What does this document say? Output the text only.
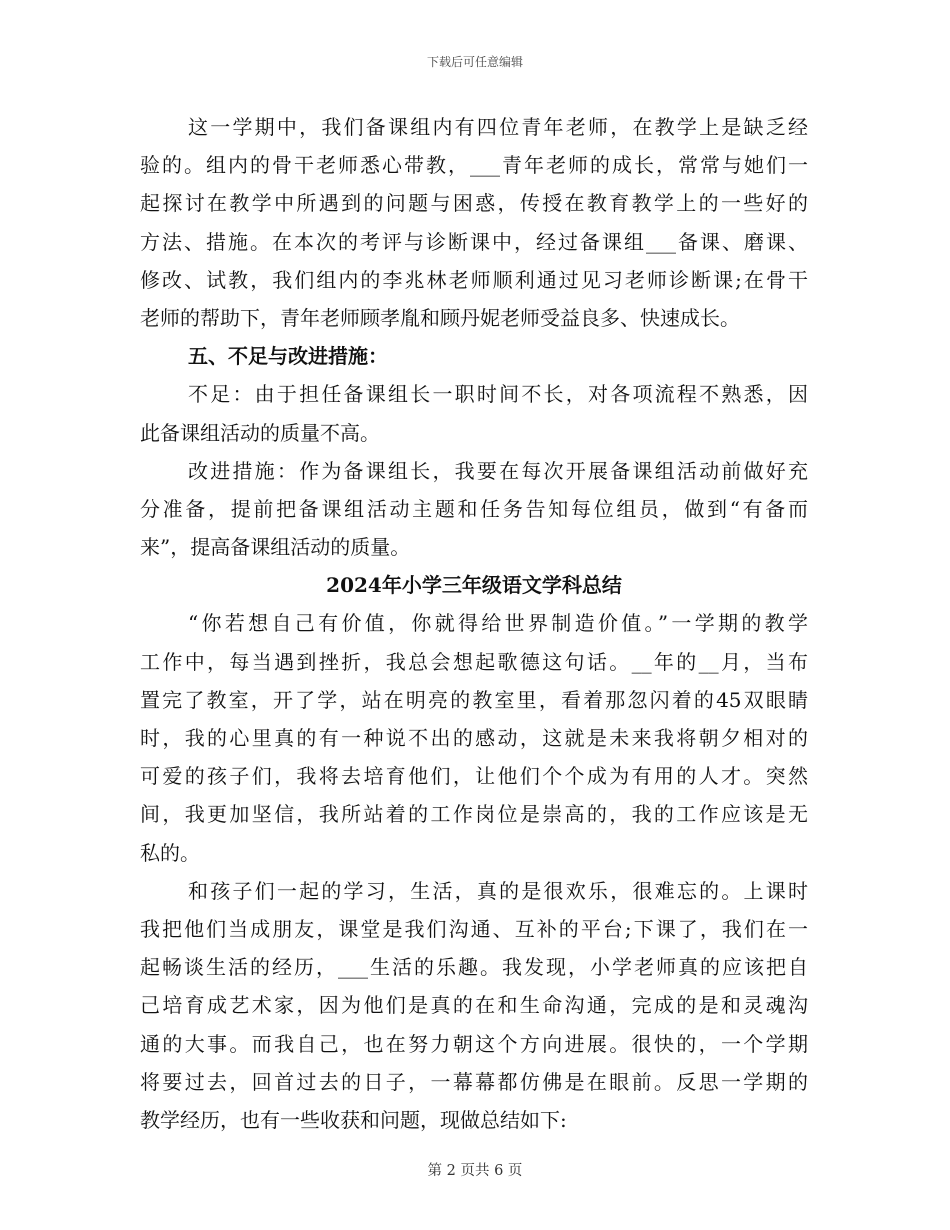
下载后可任意编辑
这一学期中，我们备课组内有四位青年老师，在教学上是缺乏经
验的。组内的骨干老师悉心带教，___青年老师的成长，常常与她们一
起探讨在教学中所遇到的问题与困惑，传授在教育教学上的一些好的
方法、措施。在本次的考评与诊断课中，经过备课组___备课、磨课、
修改、试教，我们组内的李兆林老师顺利通过见习老师诊断课;在骨干
老师的帮助下，青年老师顾孝胤和顾丹妮老师受益良多、快速成长。
五、不足与改进措施：
不足：由于担任备课组长一职时间不长，对各项流程不熟悉，因
此备课组活动的质量不高。
改进措施：作为备课组长，我要在每次开展备课组活动前做好充
分准备，提前把备课组活动主题和任务告知每位组员，做到“有备而
来”，提高备课组活动的质量。
2024年小学三年级语文学科总结
“你若想自己有价值，你就得给世界制造价值。”一学期的教学
工作中，每当遇到挫折，我总会想起歌德这句话。__年的__月，当布
置完了教室，开了学，站在明亮的教室里，看着那忽闪着的45双眼睛
时，我的心里真的有一种说不出的感动，这就是未来我将朝夕相对的
可爱的孩子们，我将去培育他们，让他们个个成为有用的人才。突然
间，我更加坚信，我所站着的工作岗位是崇高的，我的工作应该是无
私的。
和孩子们一起的学习，生活，真的是很欢乐，很难忘的。上课时
我把他们当成朋友，课堂是我们沟通、互补的平台;下课了，我们在一
起畅谈生活的经历，___生活的乐趣。我发现，小学老师真的应该把自
己培育成艺术家，因为他们是真的在和生命沟通，完成的是和灵魂沟
通的大事。而我自己，也在努力朝这个方向进展。很快的，一个学期
将要过去，回首过去的日子，一幕幕都仿佛是在眼前。反思一学期的
教学经历，也有一些收获和问题，现做总结如下:
第 2 页共 6 页
